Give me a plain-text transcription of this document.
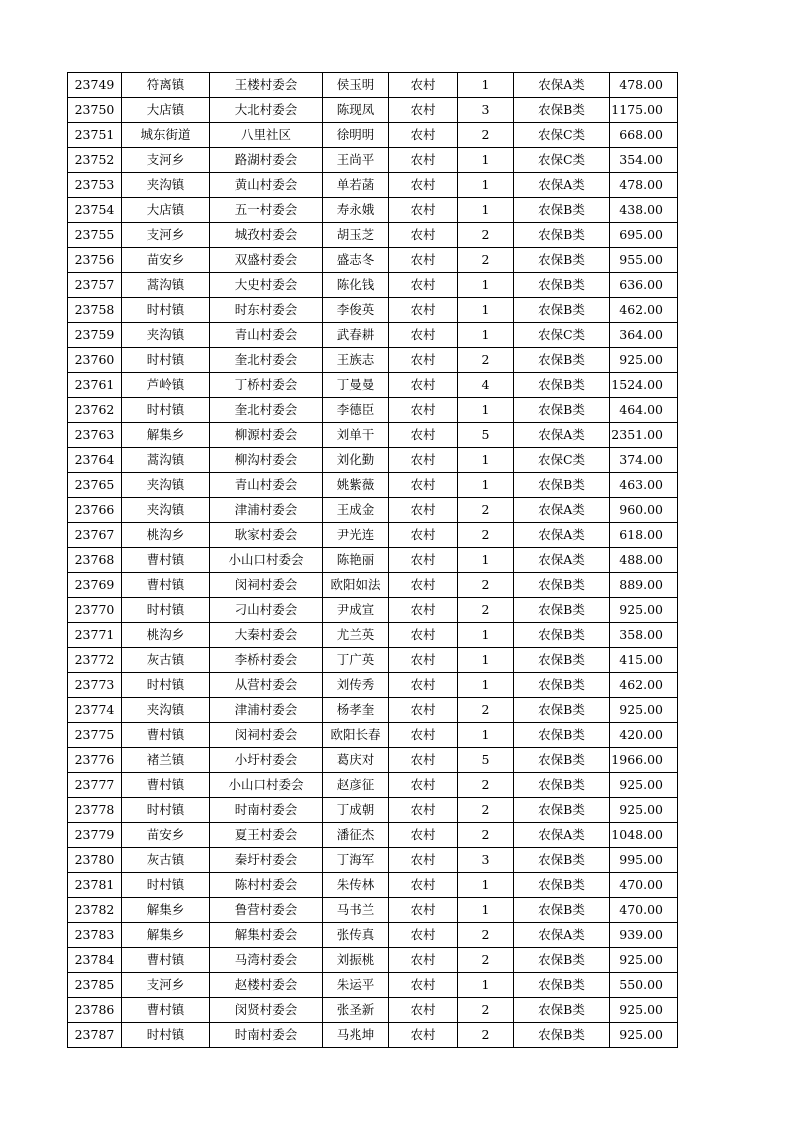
23749	符离镇	王楼村委会	侯玉明	农村	1	农保A类	478.00
23750	大店镇	大北村委会	陈现凤	农村	3	农保B类	1175.00
23751	城东街道	八里社区	徐明明	农村	2	农保C类	668.00
23752	支河乡	路湖村委会	王尚平	农村	1	农保C类	354.00
23753	夹沟镇	黄山村委会	单若菡	农村	1	农保A类	478.00
23754	大店镇	五一村委会	寿永娥	农村	1	农保B类	438.00
23755	支河乡	城孜村委会	胡玉芝	农村	2	农保B类	695.00
23756	苗安乡	双盛村委会	盛志冬	农村	2	农保B类	955.00
23757	蒿沟镇	大史村委会	陈化钱	农村	1	农保B类	636.00
23758	时村镇	时东村委会	李俊英	农村	1	农保B类	462.00
23759	夹沟镇	青山村委会	武春耕	农村	1	农保C类	364.00
23760	时村镇	奎北村委会	王族志	农村	2	农保B类	925.00
23761	芦岭镇	丁桥村委会	丁曼曼	农村	4	农保B类	1524.00
23762	时村镇	奎北村委会	李德臣	农村	1	农保B类	464.00
23763	解集乡	柳源村委会	刘单干	农村	5	农保A类	2351.00
23764	蒿沟镇	柳沟村委会	刘化勤	农村	1	农保C类	374.00
23765	夹沟镇	青山村委会	姚紫薇	农村	1	农保B类	463.00
23766	夹沟镇	津浦村委会	王成金	农村	2	农保A类	960.00
23767	桃沟乡	耿家村委会	尹光连	农村	2	农保A类	618.00
23768	曹村镇	小山口村委会	陈艳丽	农村	1	农保A类	488.00
23769	曹村镇	闵祠村委会	欧阳如法	农村	2	农保B类	889.00
23770	时村镇	刁山村委会	尹成宣	农村	2	农保B类	925.00
23771	桃沟乡	大秦村委会	尤兰英	农村	1	农保B类	358.00
23772	灰古镇	李桥村委会	丁广英	农村	1	农保B类	415.00
23773	时村镇	从营村委会	刘传秀	农村	1	农保B类	462.00
23774	夹沟镇	津浦村委会	杨孝奎	农村	2	农保B类	925.00
23775	曹村镇	闵祠村委会	欧阳长春	农村	1	农保B类	420.00
23776	褚兰镇	小圩村委会	葛庆对	农村	5	农保B类	1966.00
23777	曹村镇	小山口村委会	赵彦征	农村	2	农保B类	925.00
23778	时村镇	时南村委会	丁成朝	农村	2	农保B类	925.00
23779	苗安乡	夏王村委会	潘征杰	农村	2	农保A类	1048.00
23780	灰古镇	秦圩村委会	丁海军	农村	3	农保B类	995.00
23781	时村镇	陈村村委会	朱传林	农村	1	农保B类	470.00
23782	解集乡	鲁营村委会	马书兰	农村	1	农保B类	470.00
23783	解集乡	解集村委会	张传真	农村	2	农保A类	939.00
23784	曹村镇	马湾村委会	刘振桃	农村	2	农保B类	925.00
23785	支河乡	赵楼村委会	朱运平	农村	1	农保B类	550.00
23786	曹村镇	闵贤村委会	张圣新	农村	2	农保B类	925.00
23787	时村镇	时南村委会	马兆坤	农村	2	农保B类	925.00
